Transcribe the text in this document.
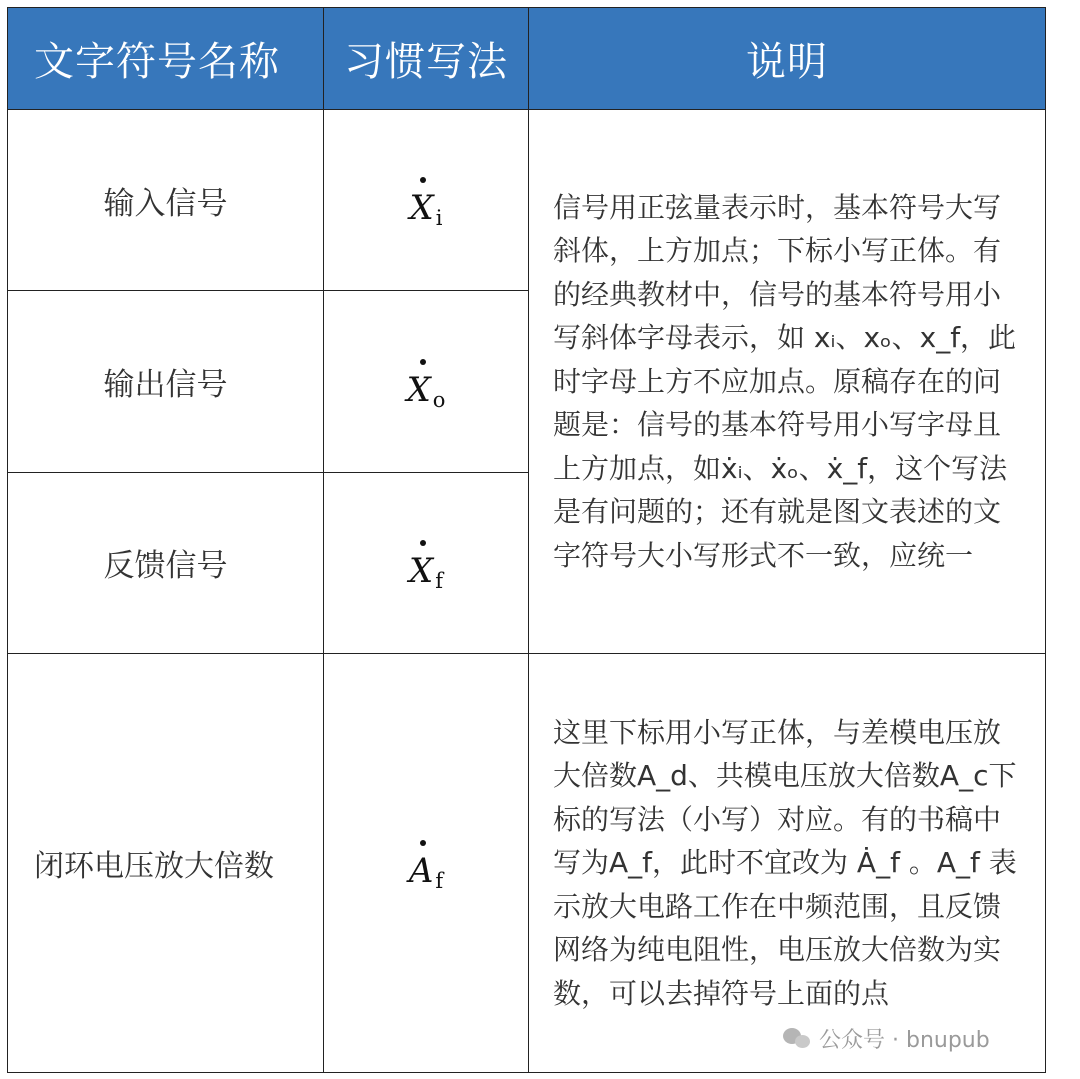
文字符号名称	习惯写法	说明
输入信号	$X_i$	信号用正弦量表示时，基本符号大写斜体，上方加点；下标小写正体。有的经典教材中，信号的基本符号用小写斜体字母表示，如 xᵢ、xₒ、x_f，此时字母上方不应加点。原稿存在的问题是：信号的基本符号用小写字母且上方加点，如ẋᵢ、ẋₒ、ẋ_f，这个写法是有问题的；还有就是图文表述的文字符号大小写形式不一致，应统一

输出信号	$X_o$
反馈信号	$X_f$
闭环电压放大倍数	$A_f$	这里下标用小写正体，与差模电压放大倍数A_d、共模电压放大倍数A_c下标的写法（小写）对应。有的书稿中写为A_f，此时不宜改为 Ȧ_f 。A_f 表示放大电路工作在中频范围，且反馈网络为纯电阻性，电压放大倍数为实数，可以去掉符号上面的点

公众号 · bnupub
